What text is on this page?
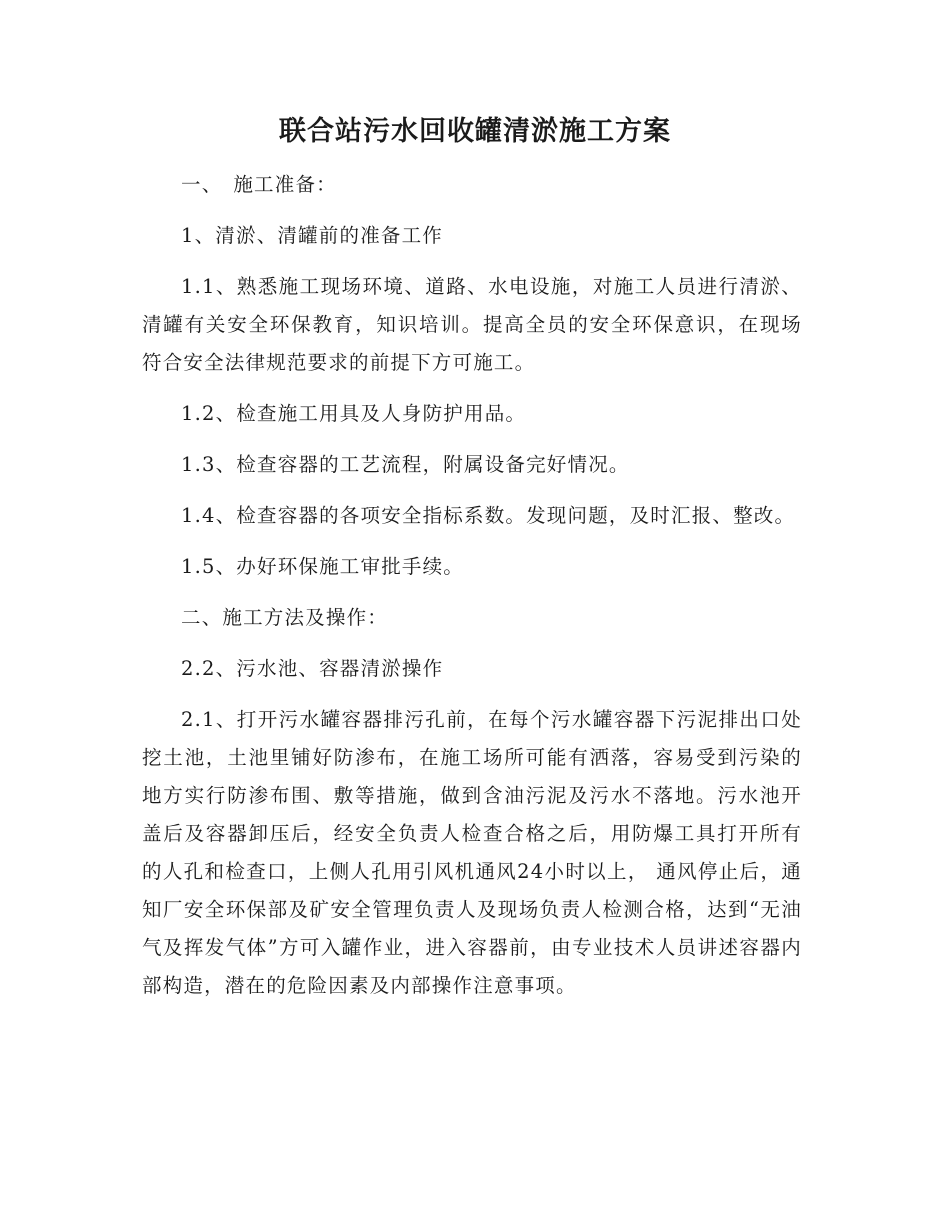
联合站污水回收罐清淤施工方案

一、　施工准备：

1、清淤、清罐前的准备工作

1.1、熟悉施工现场环境、道路、水电设施，对施工人员进行清淤、清罐有关安全环保教育，知识培训。提高全员的安全环保意识，在现场符合安全法律规范要求的前提下方可施工。

1.2、检查施工用具及人身防护用品。

1.3、检查容器的工艺流程，附属设备完好情况。

1.4、检查容器的各项安全指标系数。发现问题，及时汇报、整改。

1.5、办好环保施工审批手续。

二、施工方法及操作：

2.2、污水池、容器清淤操作

2.1、打开污水罐容器排污孔前，在每个污水罐容器下污泥排出口处挖土池，土池里铺好防渗布，在施工场所可能有洒落，容易受到污染的地方实行防渗布围、敷等措施，做到含油污泥及污水不落地。污水池开盖后及容器卸压后，经安全负责人检查合格之后，用防爆工具打开所有的人孔和检查口，上侧人孔用引风机通风24小时以上， 通风停止后，通知厂安全环保部及矿安全管理负责人及现场负责人检测合格，达到“无油气及挥发气体”方可入罐作业，进入容器前，由专业技术人员讲述容器内部构造，潜在的危险因素及内部操作注意事项。
